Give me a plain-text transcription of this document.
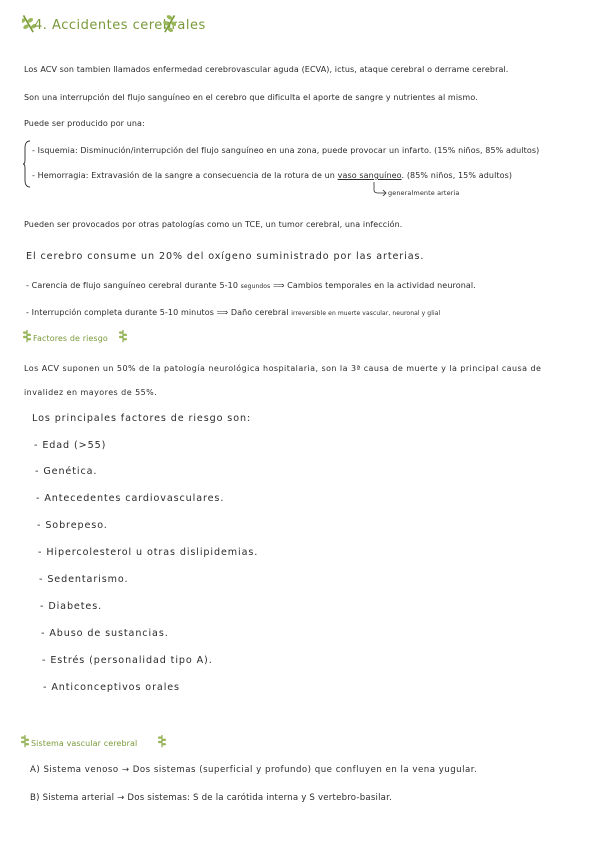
4. Accidentes cerebrales
Los ACV son tambien llamados enfermedad cerebrovascular aguda (ECVA), ictus, ataque cerebral o derrame cerebral.
Son una interrupción del flujo sanguíneo en el cerebro que dificulta el aporte de sangre y nutrientes al mismo.
Puede ser producido por una:
- Isquemia: Disminución/interrupción del flujo sanguíneo en una zona, puede provocar un infarto. (15% niños, 85% adultos)
- Hemorragia: Extravasión de la sangre a consecuencia de la rotura de un vaso sanguíneo. (85% niños, 15% adultos)
generalmente arteria
Pueden ser provocados por otras patologías como un TCE, un tumor cerebral, una infección.
El cerebro consume un 20% del oxígeno suministrado por las arterias.
- Carencia de flujo sanguíneo cerebral durante 5-10 segundos ⟹ Cambios temporales en la actividad neuronal.
- Interrupción completa durante 5-10 minutos ⟹ Daño cerebral irreversible en muerte vascular, neuronal y glial
Factores de riesgo
Los ACV suponen un 50% de la patología neurológica hospitalaria, son la 3ª causa de muerte y la principal causa de
invalidez en mayores de 55%.
Los principales factores de riesgo son:
- Edad (>55)
- Genética.
- Antecedentes cardiovasculares.
- Sobrepeso.
- Hipercolesterol u otras dislipidemias.
- Sedentarismo.
- Diabetes.
- Abuso de sustancias.
- Estrés (personalidad tipo A).
- Anticonceptivos orales
Sistema vascular cerebral
A) Sistema venoso → Dos sistemas (superficial y profundo) que confluyen en la vena yugular.
B) Sistema arterial → Dos sistemas: S de la carótida interna y S vertebro-basilar.
